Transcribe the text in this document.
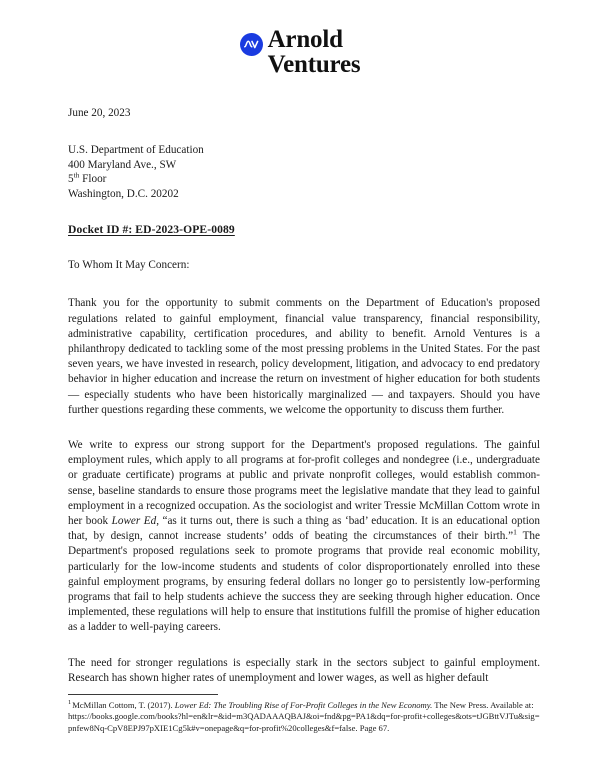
Arnold
Ventures
June 20, 2023
U.S. Department of Education
400 Maryland Ave., SW
5th Floor
Washington, D.C. 20202
Docket ID #: ED-2023-OPE-0089
To Whom It May Concern:

Thank you for the opportunity to submit comments on the Department of Education's proposed regulations related to gainful employment, financial value transparency, financial responsibility, administrative capability, certification procedures, and ability to benefit. Arnold Ventures is a philanthropy dedicated to tackling some of the most pressing problems in the United States. For the past seven years, we have invested in research, policy development, litigation, and advocacy to end predatory behavior in higher education and increase the return on investment of higher education for both students — especially students who have been historically marginalized — and taxpayers. Should you have further questions regarding these comments, we welcome the opportunity to discuss them further.

We write to express our strong support for the Department's proposed regulations. The gainful employment rules, which apply to all programs at for-profit colleges and nondegree (i.e., undergraduate or graduate certificate) programs at public and private nonprofit colleges, would establish common-sense, baseline standards to ensure those programs meet the legislative mandate that they lead to gainful employment in a recognized occupation. As the sociologist and writer Tressie McMillan Cottom wrote in her book Lower Ed, “as it turns out, there is such a thing as ‘bad’ education. It is an educational option that, by design, cannot increase students’ odds of beating the circumstances of their birth.”$^1$ The Department's proposed regulations seek to promote programs that provide real economic mobility, particularly for the low-income students and students of color disproportionately enrolled into these gainful employment programs, by ensuring federal dollars no longer go to persistently low-performing programs that fail to help students achieve the success they are seeking through higher education. Once implemented, these regulations will help to ensure that institutions fulfill the promise of higher education as a ladder to well-paying careers.

The need for stronger regulations is especially stark in the sectors subject to gainful employment. Research has shown higher rates of unemployment and lower wages, as well as higher default

$^1$McMillan Cottom, T. (2017). Lower Ed: The Troubling Rise of For-Profit Colleges in the New Economy. The New Press. Available at:
https://books.google.com/books?hl=en&lr=&id=m3QADAAAQBAJ&oi=fnd&pg=PA1&dq=for-profit+colleges&ots=tJGBttVJTu&sig=pnfew8Nq-CpV8EPJ97pXIE1Cg5k#v=onepage&q=for-profit%20colleges&f=false. Page 67.
